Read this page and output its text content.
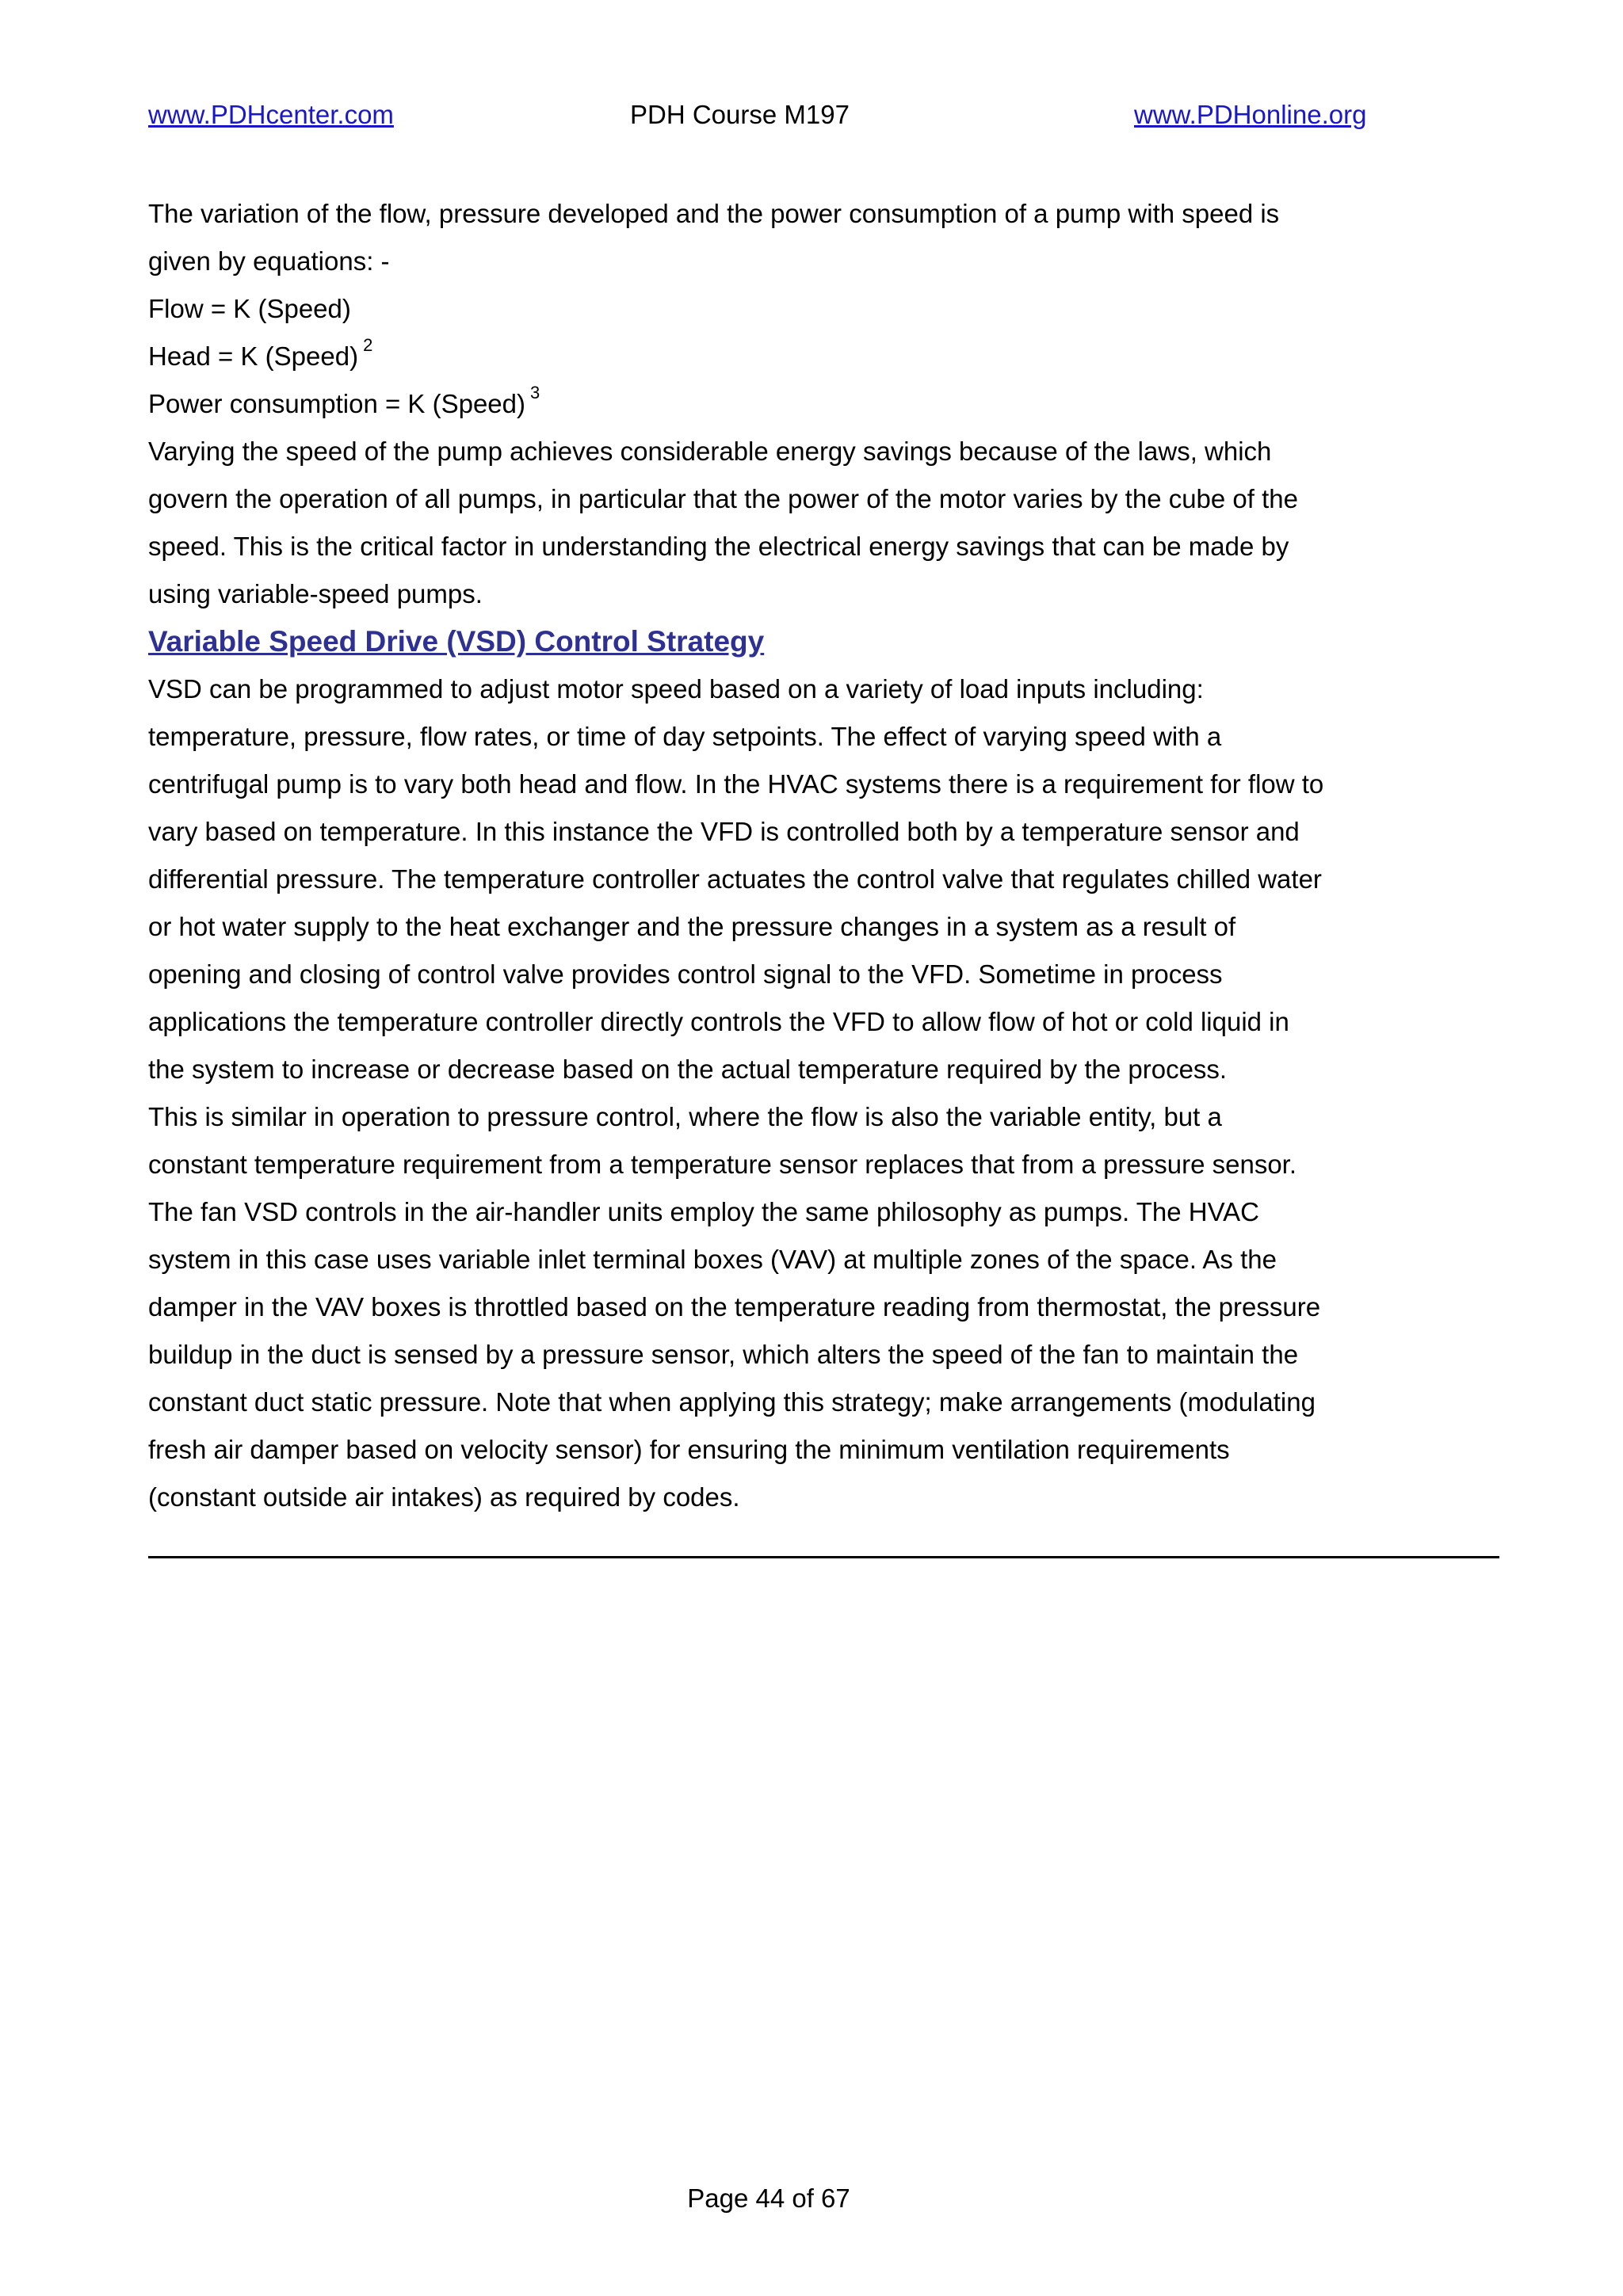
www.PDHcenter.com	PDH Course M197	www.PDHonline.org
The variation of the flow, pressure developed and the power consumption of a pump with speed is
given by equations: -
Flow = K (Speed)
Head = K (Speed) $^2$
Power consumption = K (Speed) $^3$
Varying the speed of the pump achieves considerable energy savings because of the laws, which
govern the operation of all pumps, in particular that the power of the motor varies by the cube of the
speed. This is the critical factor in understanding the electrical energy savings that can be made by
using variable-speed pumps.
Variable Speed Drive (VSD) Control Strategy
VSD can be programmed to adjust motor speed based on a variety of load inputs including:
temperature, pressure, flow rates, or time of day setpoints. The effect of varying speed with a
centrifugal pump is to vary both head and flow. In the HVAC systems there is a requirement for flow to
vary based on temperature. In this instance the VFD is controlled both by a temperature sensor and
differential pressure. The temperature controller actuates the control valve that regulates chilled water
or hot water supply to the heat exchanger and the pressure changes in a system as a result of
opening and closing of control valve provides control signal to the VFD. Sometime in process
applications the temperature controller directly controls the VFD to allow flow of hot or cold liquid in
the system to increase or decrease based on the actual temperature required by the process.
This is similar in operation to pressure control, where the flow is also the variable entity, but a
constant temperature requirement from a temperature sensor replaces that from a pressure sensor.
The fan VSD controls in the air-handler units employ the same philosophy as pumps. The HVAC
system in this case uses variable inlet terminal boxes (VAV) at multiple zones of the space. As the
damper in the VAV boxes is throttled based on the temperature reading from thermostat, the pressure
buildup in the duct is sensed by a pressure sensor, which alters the speed of the fan to maintain the
constant duct static pressure. Note that when applying this strategy; make arrangements (modulating
fresh air damper based on velocity sensor) for ensuring the minimum ventilation requirements
(constant outside air intakes) as required by codes.
Page 44 of 67
